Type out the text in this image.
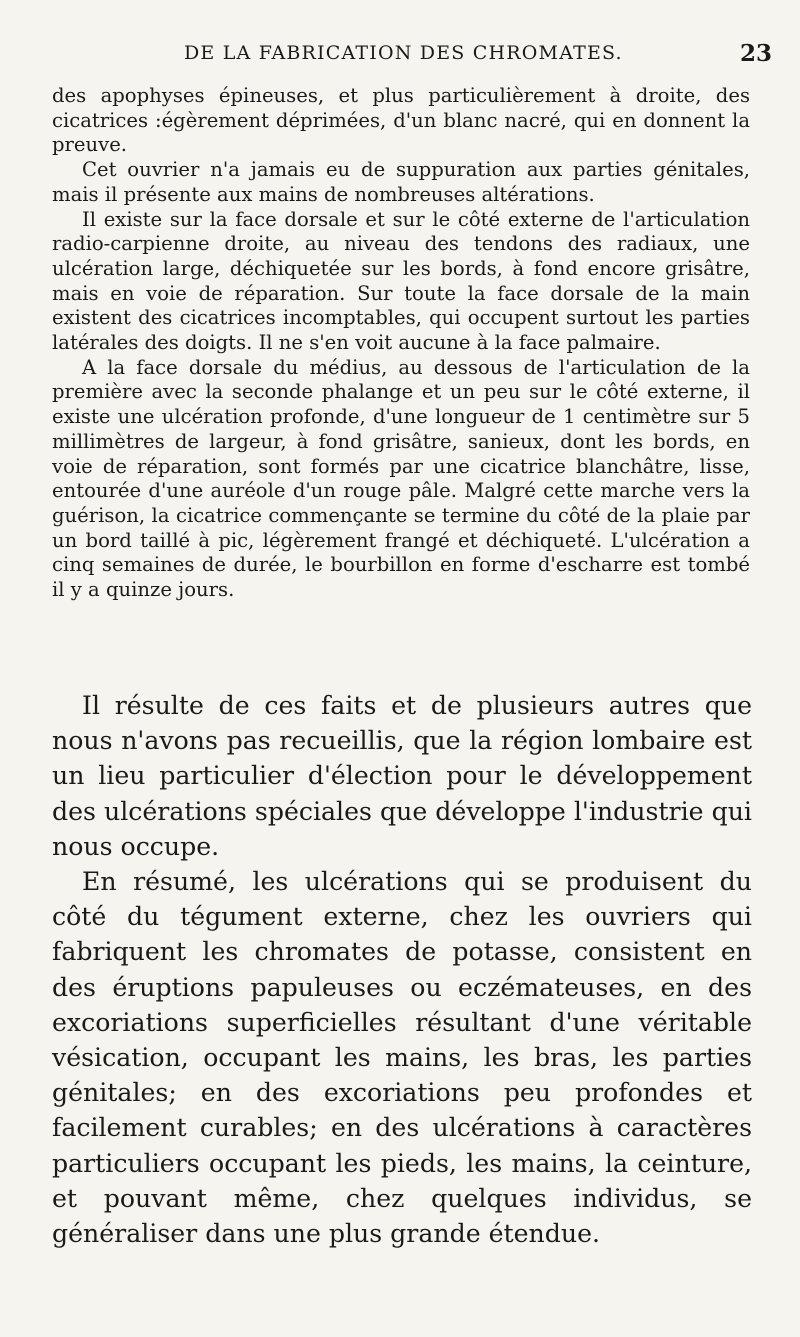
DE LA FABRICATION DES CHROMATES.	23

des apophyses épineuses, et plus particulièrement à droite, des cicatrices :égèrement déprimées, d'un blanc nacré, qui en donnent la preuve.

Cet ouvrier n'a jamais eu de suppuration aux parties génitales, mais il présente aux mains de nombreuses altérations.

Il existe sur la face dorsale et sur le côté externe de l'articulation radio-carpienne droite, au niveau des tendons des radiaux, une ulcération large, déchiquetée sur les bords, à fond encore grisâtre, mais en voie de réparation. Sur toute la face dorsale de la main existent des cicatrices incomptables, qui occupent surtout les parties latérales des doigts. Il ne s'en voit aucune à la face palmaire.

A la face dorsale du médius, au dessous de l'articulation de la première avec la seconde phalange et un peu sur le côté externe, il existe une ulcération profonde, d'une longueur de 1 centimètre sur 5 millimètres de largeur, à fond grisâtre, sanieux, dont les bords, en voie de réparation, sont formés par une cicatrice blanchâtre, lisse, entourée d'une auréole d'un rouge pâle. Malgré cette marche vers la guérison, la cicatrice commençante se termine du côté de la plaie par un bord taillé à pic, légèrement frangé et déchiqueté. L'ulcération a cinq semaines de durée, le bourbillon en forme d'escharre est tombé il y a quinze jours.

Il résulte de ces faits et de plusieurs autres que nous n'avons pas recueillis, que la région lombaire est un lieu particulier d'élection pour le développement des ulcérations spéciales que développe l'industrie qui nous occupe.

En résumé, les ulcérations qui se produisent du côté du tégument externe, chez les ouvriers qui fabriquent les chromates de potasse, consistent en des éruptions papuleuses ou eczémateuses, en des excoriations superficielles résultant d'une véritable vésication, occupant les mains, les bras, les parties génitales; en des excoriations peu profondes et facilement curables; en des ulcérations à caractères particuliers occupant les pieds, les mains, la ceinture, et pouvant même, chez quelques individus, se généraliser dans une plus grande étendue.
